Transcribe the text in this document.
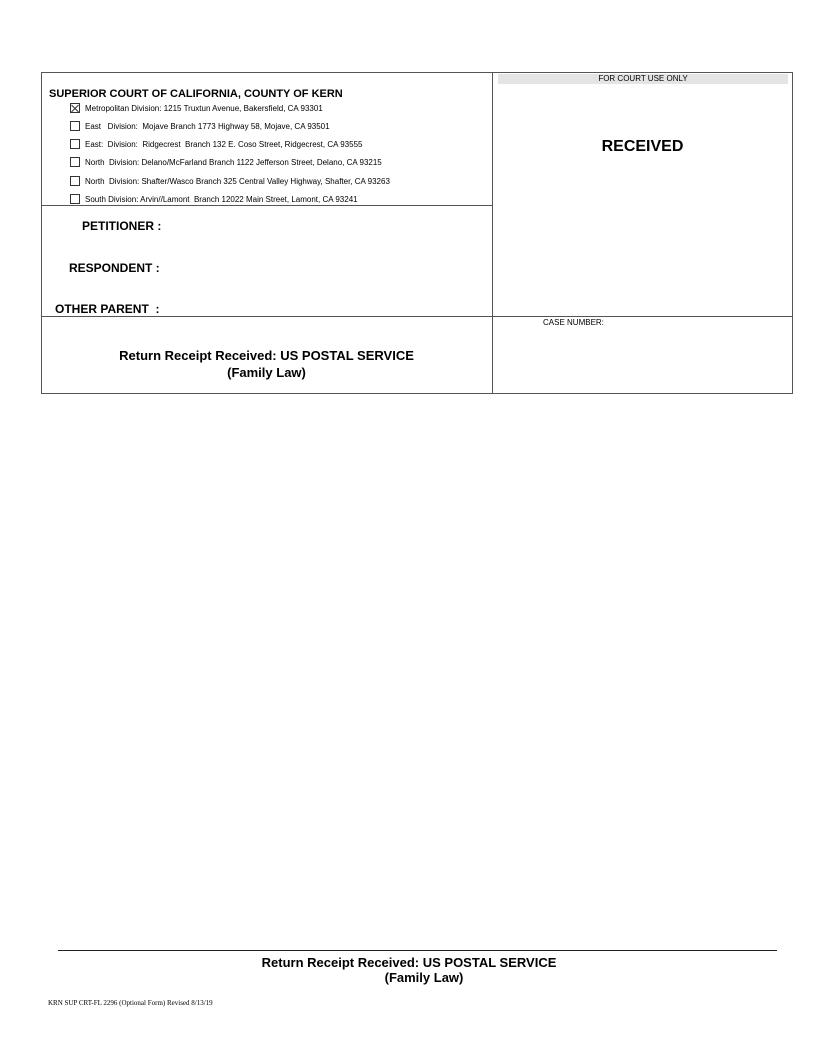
SUPERIOR COURT OF CALIFORNIA, COUNTY OF KERN
Metropolitan Division: 1215 Truxtun Avenue, Bakersfield, CA 93301
East   Division:  Mojave Branch 1773 Highway 58, Mojave, CA 93501
East:  Division:  Ridgecrest  Branch 132 E. Coso Street, Ridgecrest, CA 93555
North  Division: Delano/McFarland Branch 1122 Jefferson Street, Delano, CA 93215
North  Division: Shafter/Wasco Branch 325 Central Valley Highway, Shafter, CA 93263
South Division: Arvin//Lamont  Branch 12022 Main Street, Lamont, CA 93241
PETITIONER :
RESPONDENT :
OTHER PARENT  :
FOR COURT USE ONLY
RECEIVED
CASE NUMBER:
Return Receipt Received: US POSTAL SERVICE
(Family Law)
Return Receipt Received: US POSTAL SERVICE
(Family Law)
KRN SUP CRT-FL 2296 (Optional Form) Revised 8/13/19
